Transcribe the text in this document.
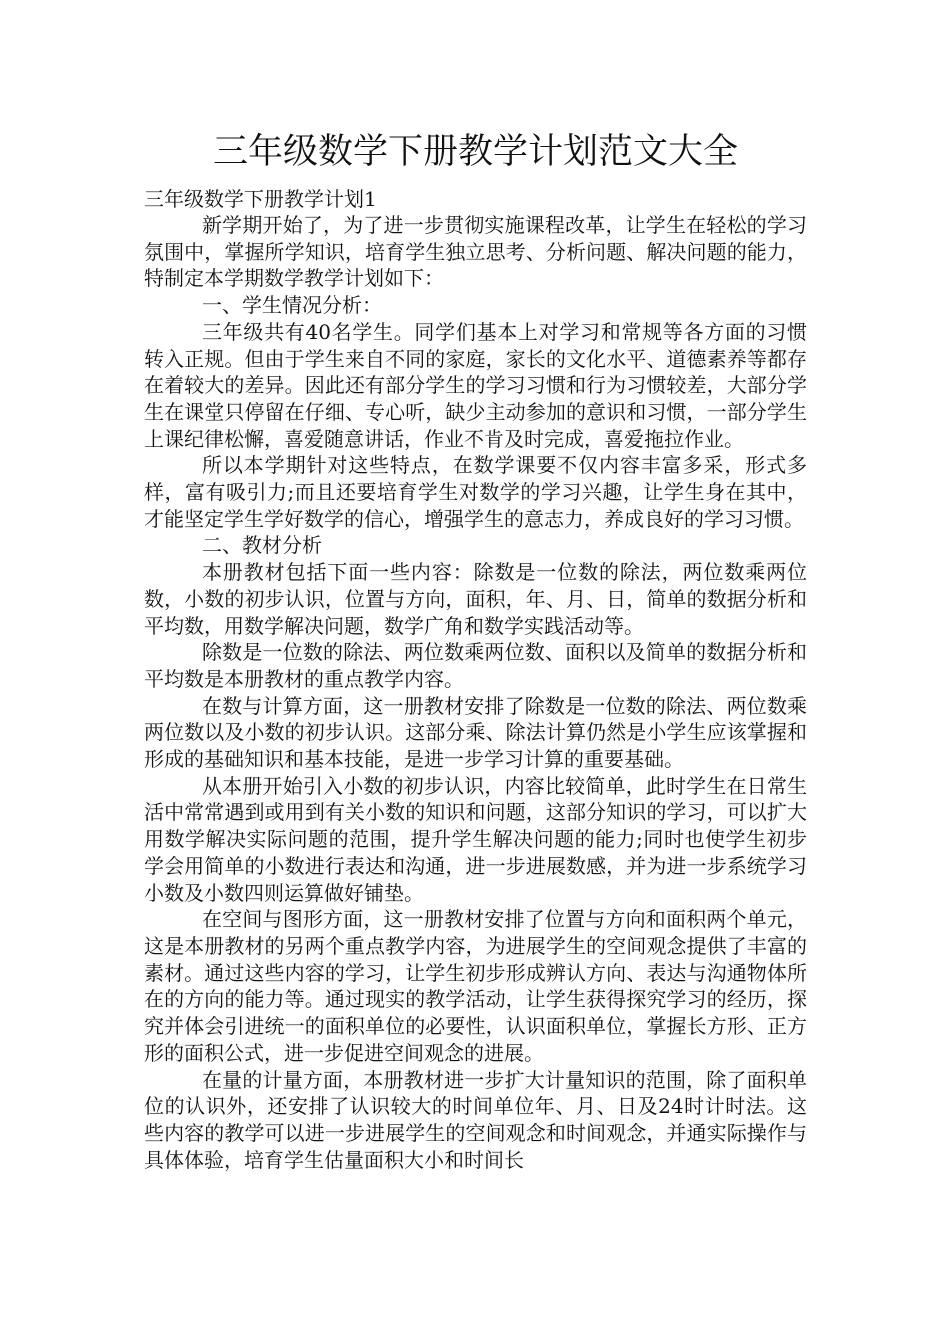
三年级数学下册教学计划范文大全

三年级数学下册教学计划1

新学期开始了，为了进一步贯彻实施课程改革，让学生在轻松的学习氛围中，掌握所学知识，培育学生独立思考、分析问题、解决问题的能力，特制定本学期数学教学计划如下：

一、学生情况分析：

三年级共有40名学生。同学们基本上对学习和常规等各方面的习惯转入正规。但由于学生来自不同的家庭，家长的文化水平、道德素养等都存在着较大的差异。因此还有部分学生的学习习惯和行为习惯较差，大部分学生在课堂只停留在仔细、专心听，缺少主动参加的意识和习惯，一部分学生上课纪律松懈，喜爱随意讲话，作业不肯及时完成，喜爱拖拉作业。

所以本学期针对这些特点，在数学课要不仅内容丰富多采，形式多样，富有吸引力;而且还要培育学生对数学的学习兴趣，让学生身在其中，才能坚定学生学好数学的信心，增强学生的意志力，养成良好的学习习惯。

二、教材分析

本册教材包括下面一些内容：除数是一位数的除法，两位数乘两位数，小数的初步认识，位置与方向，面积，年、月、日，简单的数据分析和平均数，用数学解决问题，数学广角和数学实践活动等。

除数是一位数的除法、两位数乘两位数、面积以及简单的数据分析和平均数是本册教材的重点教学内容。

在数与计算方面，这一册教材安排了除数是一位数的除法、两位数乘两位数以及小数的初步认识。这部分乘、除法计算仍然是小学生应该掌握和形成的基础知识和基本技能，是进一步学习计算的重要基础。

从本册开始引入小数的初步认识，内容比较简单，此时学生在日常生活中常常遇到或用到有关小数的知识和问题，这部分知识的学习，可以扩大用数学解决实际问题的范围，提升学生解决问题的能力;同时也使学生初步学会用简单的小数进行表达和沟通，进一步进展数感，并为进一步系统学习小数及小数四则运算做好铺垫。

在空间与图形方面，这一册教材安排了位置与方向和面积两个单元，这是本册教材的另两个重点教学内容，为进展学生的空间观念提供了丰富的素材。通过这些内容的学习，让学生初步形成辨认方向、表达与沟通物体所在的方向的能力等。通过现实的教学活动，让学生获得探究学习的经历，探究并体会引进统一的面积单位的必要性，认识面积单位，掌握长方形、正方形的面积公式，进一步促进空间观念的进展。

在量的计量方面，本册教材进一步扩大计量知识的范围，除了面积单位的认识外，还安排了认识较大的时间单位年、月、日及24时计时法。这些内容的教学可以进一步进展学生的空间观念和时间观念，并通实际操作与具体体验，培育学生估量面积大小和时间长
